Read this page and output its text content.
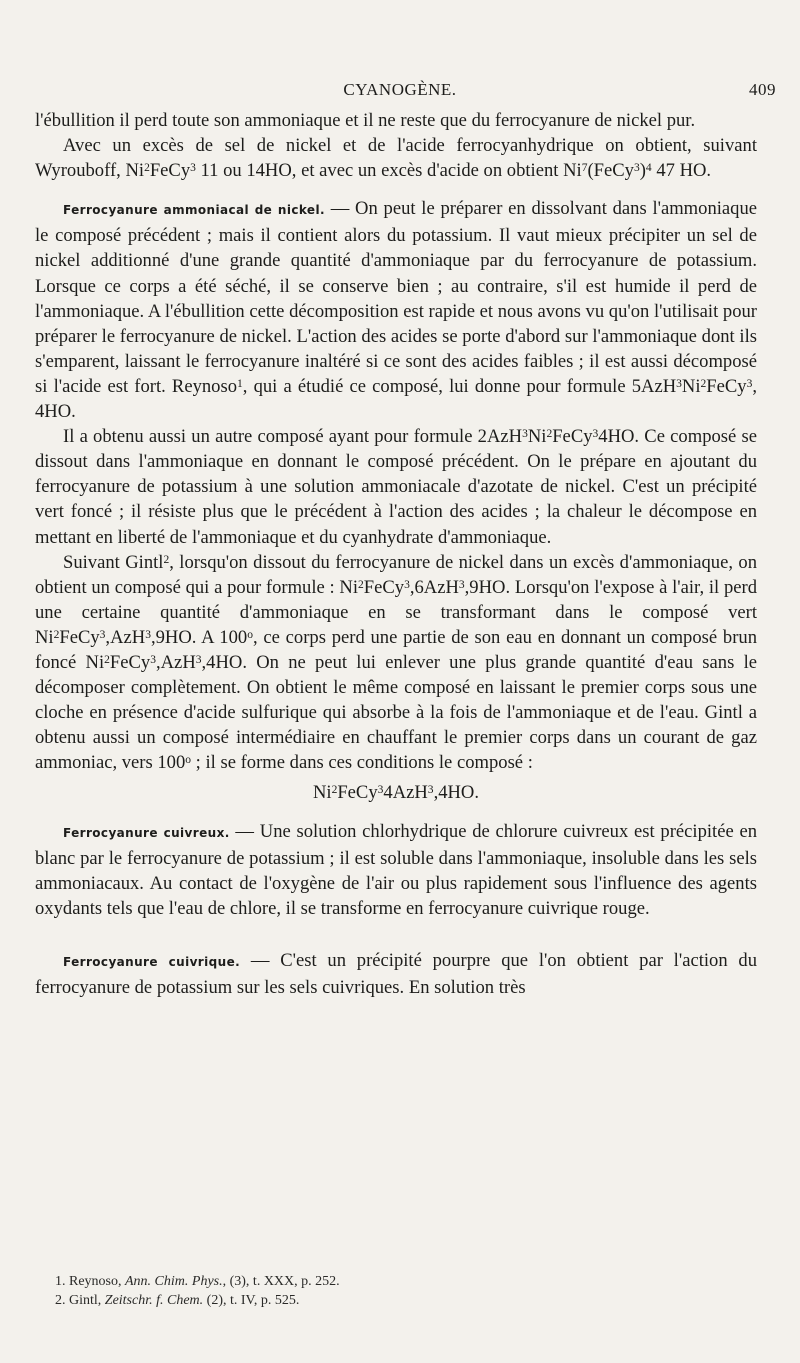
CYANOGÈNE.	409

l'ébullition il perd toute son ammoniaque et il ne reste que du ferrocyanure de nickel pur.

Avec un excès de sel de nickel et de l'acide ferrocyanhydrique on obtient, suivant Wyrouboff, Ni$^2$FeCy$^3$ 11 ou 14HO, et avec un excès d'acide on obtient Ni$^7$(FeCy$^3$)$^4$ 47 HO.

Ferrocyanure ammoniacal de nickel. — On peut le préparer en dissolvant dans l'ammoniaque le composé précédent ; mais il contient alors du potassium. Il vaut mieux précipiter un sel de nickel additionné d'une grande quantité d'ammoniaque par du ferrocyanure de potassium. Lorsque ce corps a été séché, il se conserve bien ; au contraire, s'il est humide il perd de l'ammoniaque. A l'ébullition cette décomposition est rapide et nous avons vu qu'on l'utilisait pour préparer le ferrocyanure de nickel. L'action des acides se porte d'abord sur l'ammoniaque dont ils s'emparent, laissant le ferrocyanure inaltéré si ce sont des acides faibles ; il est aussi décomposé si l'acide est fort. Reynoso$^1$, qui a étudié ce composé, lui donne pour formule 5AzH$^3$Ni$^2$FeCy$^3$, 4HO.

Il a obtenu aussi un autre composé ayant pour formule 2AzH$^3$Ni$^2$FeCy$^3$4HO. Ce composé se dissout dans l'ammoniaque en donnant le composé précédent. On le prépare en ajoutant du ferrocyanure de potassium à une solution ammoniacale d'azotate de nickel. C'est un précipité vert foncé ; il résiste plus que le précédent à l'action des acides ; la chaleur le décompose en mettant en liberté de l'ammoniaque et du cyanhydrate d'ammoniaque.

Suivant Gintl$^2$, lorsqu'on dissout du ferrocyanure de nickel dans un excès d'ammoniaque, on obtient un composé qui a pour formule : Ni$^2$FeCy$^3$,6AzH$^3$,9HO. Lorsqu'on l'expose à l'air, il perd une certaine quantité d'ammoniaque en se transformant dans le composé vert Ni$^2$FeCy$^3$,AzH$^3$,9HO. A 100$^o$, ce corps perd une partie de son eau en donnant un composé brun foncé Ni$^2$FeCy$^3$,AzH$^3$,4HO. On ne peut lui enlever une plus grande quantité d'eau sans le décomposer complètement. On obtient le même composé en laissant le premier corps sous une cloche en présence d'acide sulfurique qui absorbe à la fois de l'ammoniaque et de l'eau. Gintl a obtenu aussi un composé intermédiaire en chauffant le premier corps dans un courant de gaz ammoniac, vers 100$^o$ ; il se forme dans ces conditions le composé :

Ni$^2$FeCy$^3$4AzH$^3$,4HO.

Ferrocyanure cuivreux. — Une solution chlorhydrique de chlorure cuivreux est précipitée en blanc par le ferrocyanure de potassium ; il est soluble dans l'ammoniaque, insoluble dans les sels ammoniacaux. Au contact de l'oxygène de l'air ou plus rapidement sous l'influence des agents oxydants tels que l'eau de chlore, il se transforme en ferrocyanure cuivrique rouge.

Ferrocyanure cuivrique. — C'est un précipité pourpre que l'on obtient par l'action du ferrocyanure de potassium sur les sels cuivriques. En solution très

1. Reynoso, Ann. Chim. Phys., (3), t. XXX, p. 252.

2. Gintl, Zeitschr. f. Chem. (2), t. IV, p. 525.
